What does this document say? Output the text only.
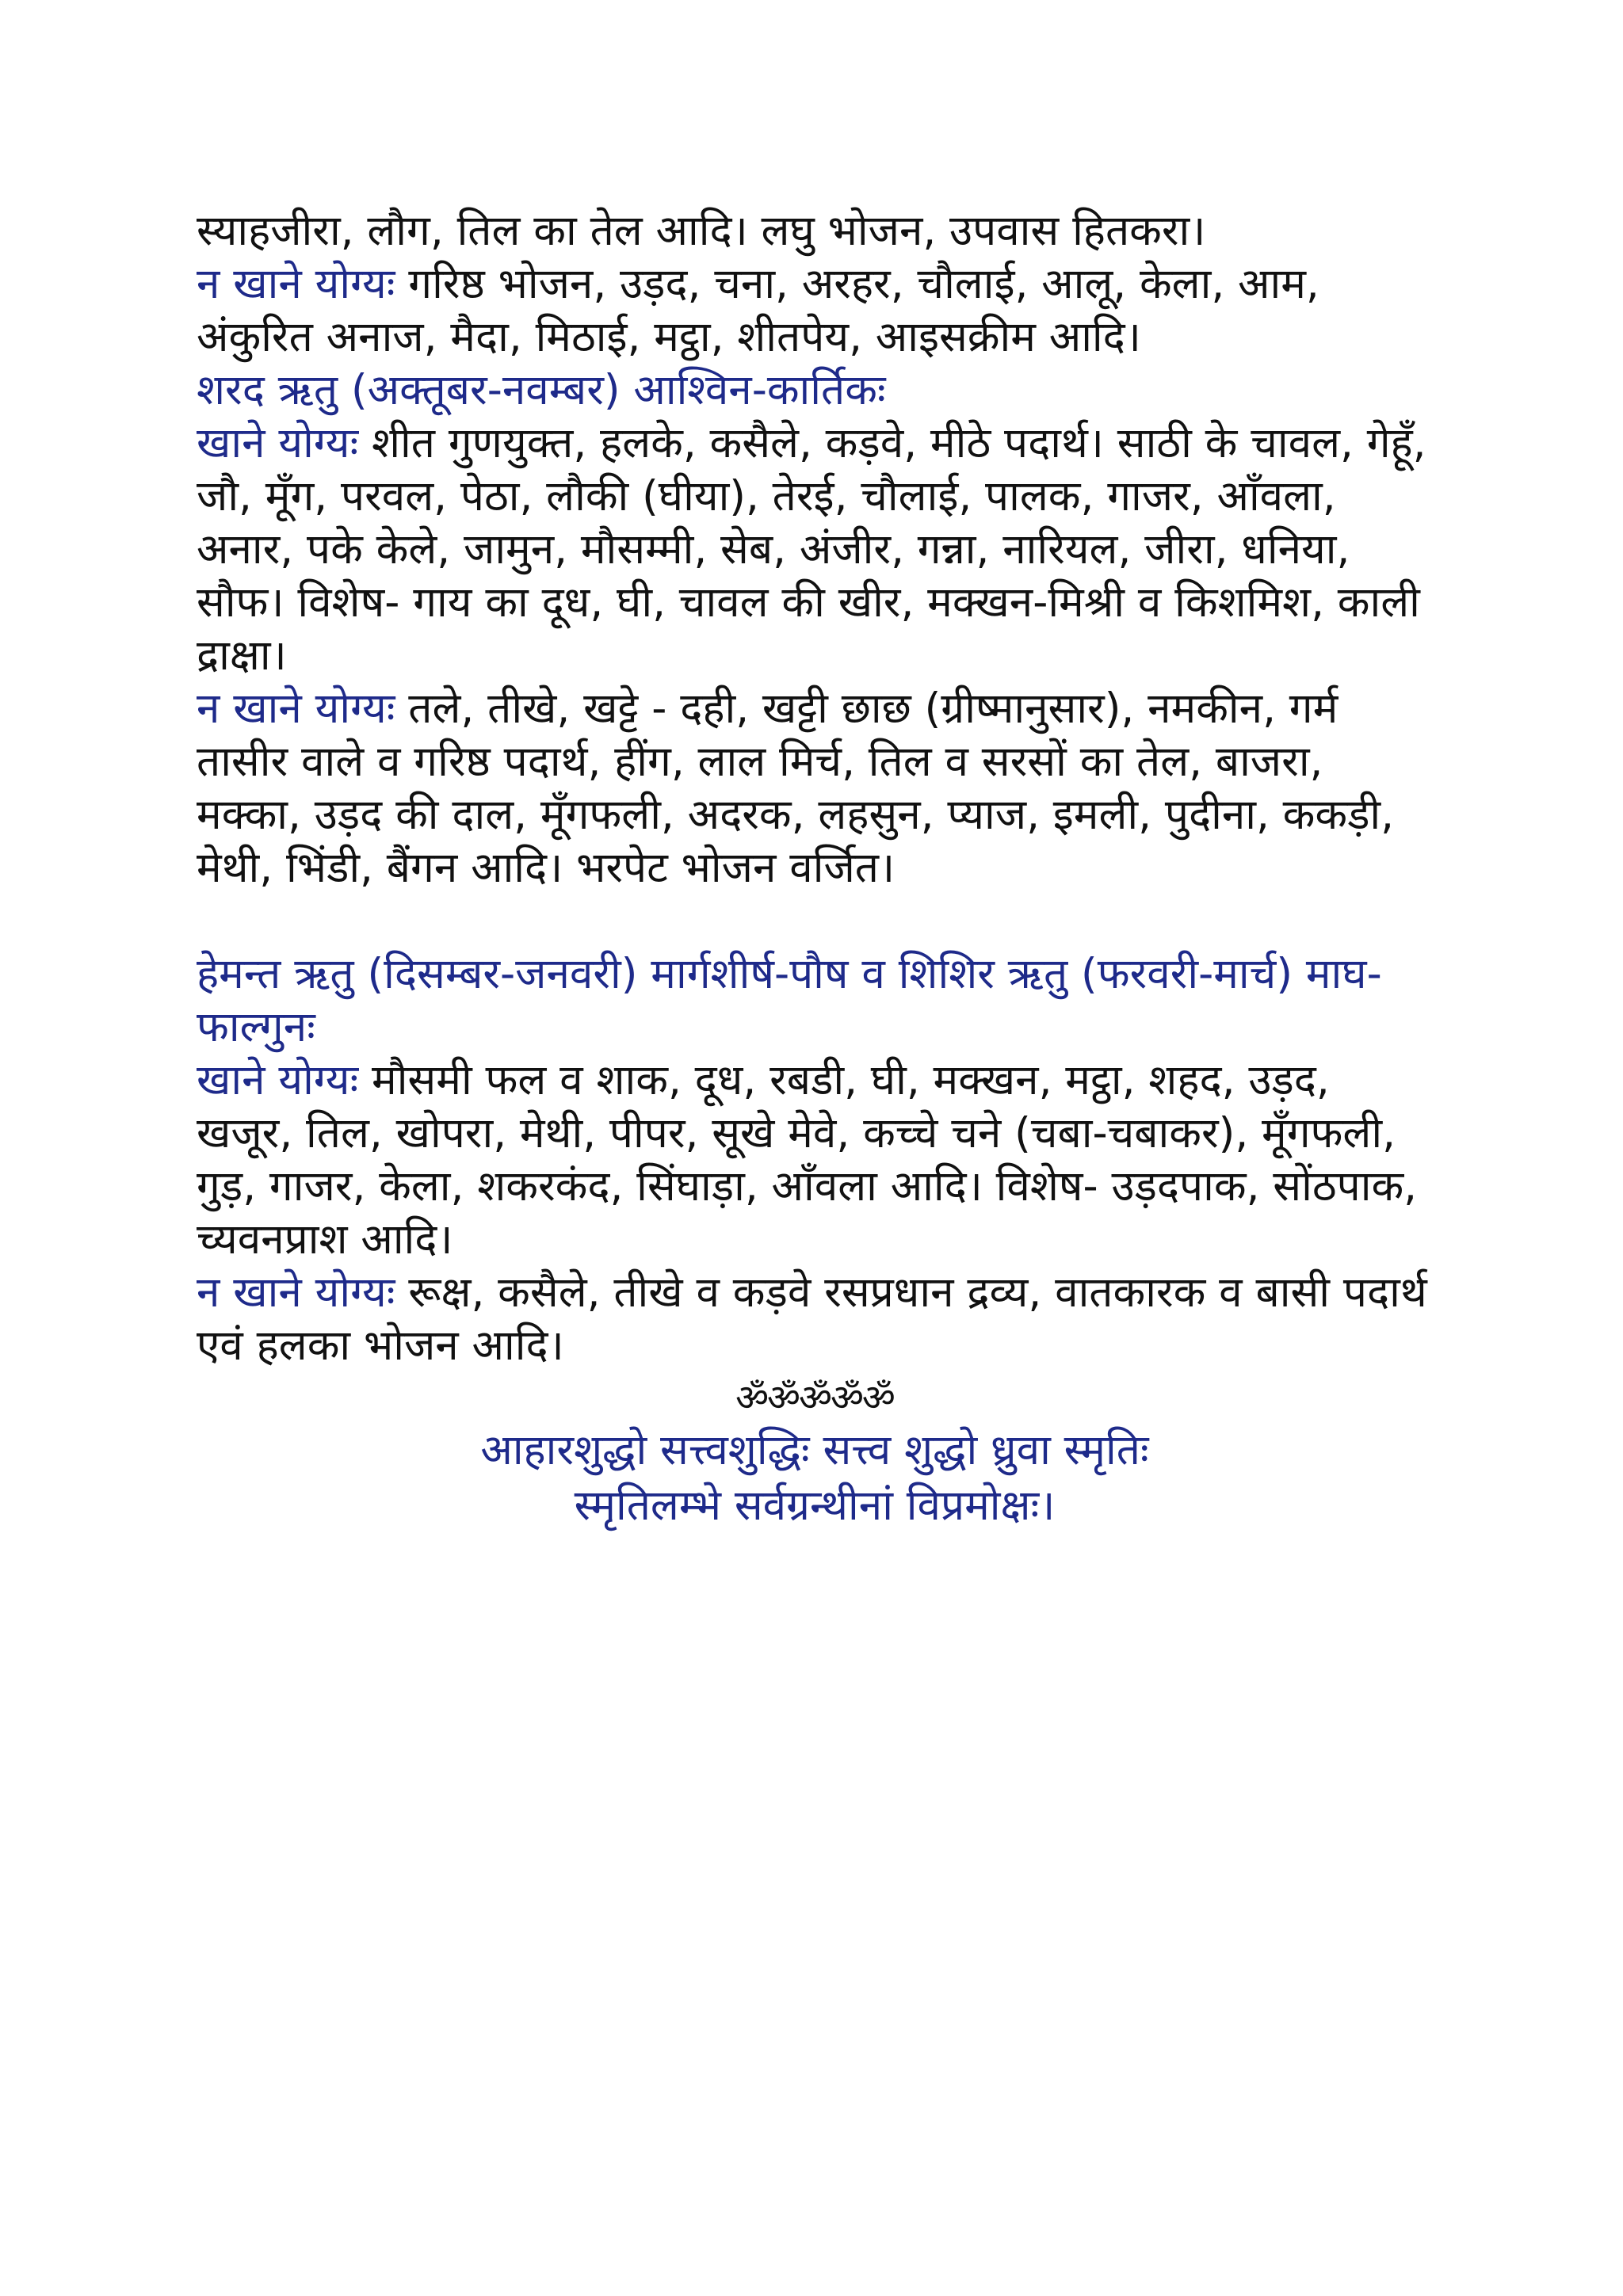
स्याहजीरा, लौग, तिल का तेल आदि। लघु भोजन, उपवास हितकरा।

न खाने योग्यः गरिष्ठ भोजन, उड़द, चना, अरहर, चौलाई, आलू, केला, आम, अंकुरित अनाज, मैदा, मिठाई, मट्ठा, शीतपेय, आइसक्रीम आदि।

शरद ऋतु (अक्तूबर-नवम्बर) आश्विन-कार्तिकः

खाने योग्यः शीत गुणयुक्त, हलके, कसैले, कड़वे, मीठे पदार्थ। साठी के चावल, गेहूँ, जौ, मूँग, परवल, पेठा, लौकी (घीया), तेरई, चौलाई, पालक, गाजर, आँवला, अनार, पके केले, जामुन, मौसम्मी, सेब, अंजीर, गन्ना, नारियल, जीरा, धनिया, सौफ। विशेष- गाय का दूध, घी, चावल की खीर, मक्खन-मिश्री व किशमिश, काली द्राक्षा।

न खाने योग्यः तले, तीखे, खट्टे - दही, खट्टी छाछ (ग्रीष्मानुसार), नमकीन, गर्म तासीर वाले व गरिष्ठ पदार्थ, हींग, लाल मिर्च, तिल व सरसों का तेल, बाजरा, मक्का, उड़द की दाल, मूँगफली, अदरक, लहसुन, प्याज, इमली, पुदीना, ककड़ी, मेथी, भिंडी, बैंगन आदि। भरपेट भोजन वर्जित।

हेमन्त ऋतु (दिसम्बर-जनवरी) मार्गशीर्ष-पौष व शिशिर ऋतु (फरवरी-मार्च) माघ-फाल्गुनः

खाने योग्यः मौसमी फल व शाक, दूध, रबडी, घी, मक्खन, मट्ठा, शहद, उड़द, खजूर, तिल, खोपरा, मेथी, पीपर, सूखे मेवे, कच्चे चने (चबा-चबाकर), मूँगफली, गुड़, गाजर, केला, शकरकंद, सिंघाड़ा, आँवला आदि। विशेष- उड़दपाक, सोंठपाक, च्यवनप्राश आदि।

न खाने योग्यः रूक्ष, कसैले, तीखे व कड़वे रसप्रधान द्रव्य, वातकारक व बासी पदार्थ एवं हलका भोजन आदि।

ॐॐॐॐॐ

आहारशुद्धो सत्त्वशुद्धिः सत्त्व शुद्धो ध्रुवा स्मृतिः

स्मृतिलम्भे सर्वग्रन्थीनां विप्रमोक्षः।
